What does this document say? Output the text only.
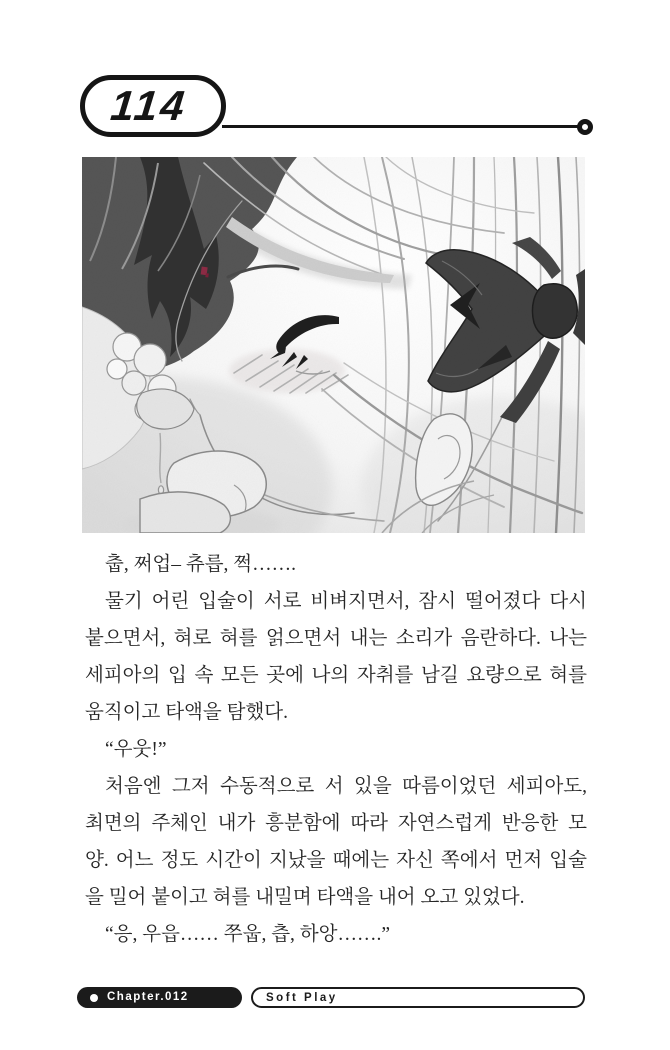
114
춥, 쩌업– 츄릅, 쩍…….
물기 어린 입술이 서로 비벼지면서, 잠시 떨어졌다 다시
붙으면서, 혀로 혀를 얽으면서 내는 소리가 음란하다. 나는
세피아의 입 속 모든 곳에 나의 자취를 남길 요량으로 혀를
움직이고 타액을 탐했다.
“우웃!”
처음엔 그저 수동적으로 서 있을 따름이었던 세피아도,
최면의 주체인 내가 흥분함에 따라 자연스럽게 반응한 모
양. 어느 정도 시간이 지났을 때에는 자신 쪽에서 먼저 입술
을 밀어 붙이고 혀를 내밀며 타액을 내어 오고 있었다.
“응, 우읍…… 쭈웁, 츱, 하앙…….”
Chapter.012	Soft Play
